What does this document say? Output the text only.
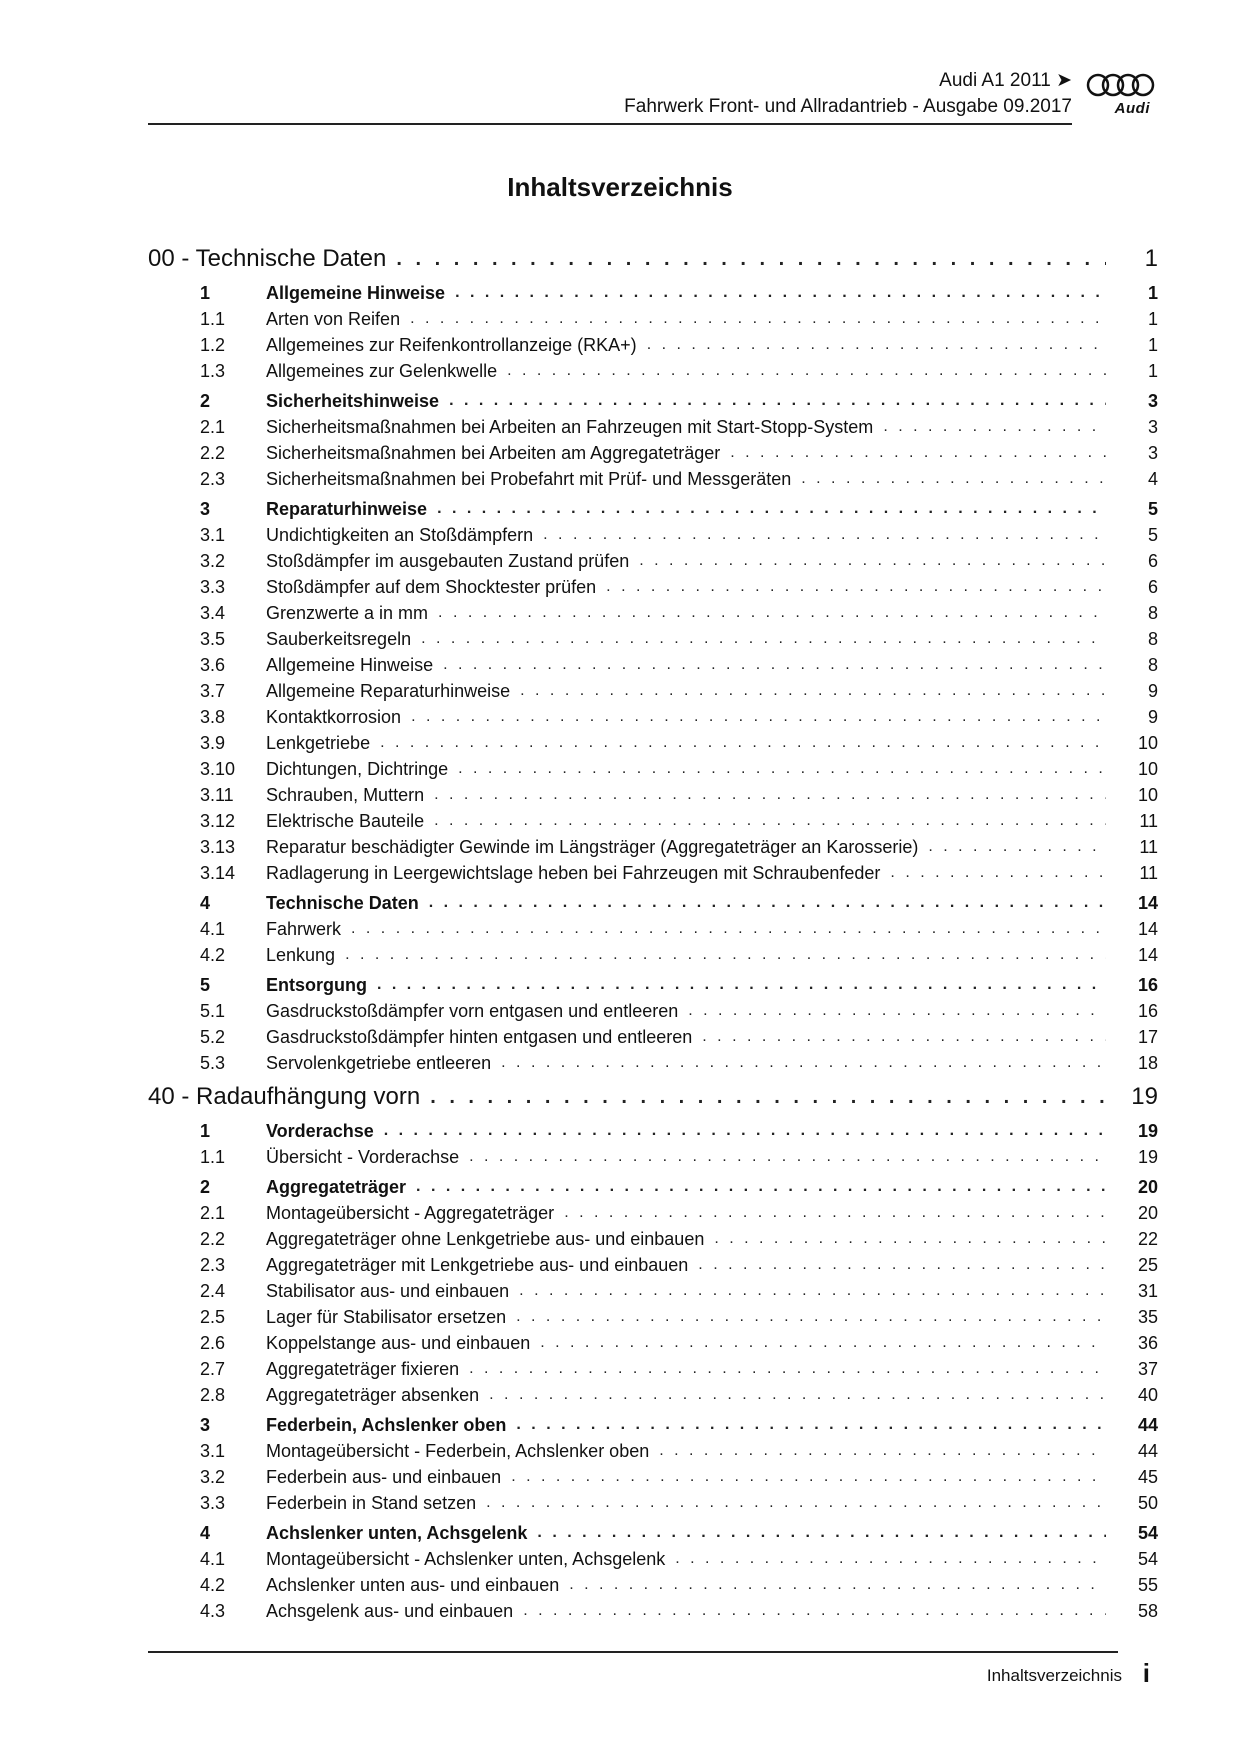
Audi A1 2011 ➤
Fahrwerk Front- und Allradantrieb - Ausgabe 09.2017	Audi
Inhaltsverzeichnis
00 - Technische Daten . . .	1
1	Allgemeine Hinweise . . .	1
1.1 Arten von Reifen . . .	1
1.2 Allgemeines zur Reifenkontrollanzeige (RKA+) . . .	1
1.3 Allgemeines zur Gelenkwelle . . .	1
2	Sicherheitshinweise . . .	3
2.1 Sicherheitsmaßnahmen bei Arbeiten an Fahrzeugen mit Start-Stopp-System . . .	3
2.2 Sicherheitsmaßnahmen bei Arbeiten am Aggregateträger . . .	3
2.3 Sicherheitsmaßnahmen bei Probefahrt mit Prüf- und Messgeräten . . .	4
3	Reparaturhinweise . . .	5
3.1 Undichtigkeiten an Stoßdämpfern . . .	5
3.2 Stoßdämpfer im ausgebauten Zustand prüfen . . .	6
3.3 Stoßdämpfer auf dem Shocktester prüfen . . .	6
3.4 Grenzwerte a in mm . . .	8
3.5 Sauberkeitsregeln . . .	8
3.6 Allgemeine Hinweise . . .	8
3.7 Allgemeine Reparaturhinweise . . .	9
3.8 Kontaktkorrosion . . .	9
3.9 Lenkgetriebe . . .	10
3.10 Dichtungen, Dichtringe . . .	10
3.11 Schrauben, Muttern . . .	10
3.12 Elektrische Bauteile . . .	11
3.13 Reparatur beschädigter Gewinde im Längsträger (Aggregateträger an Karosserie) . . .	11
3.14 Radlagerung in Leergewichtslage heben bei Fahrzeugen mit Schraubenfeder . . .	11
4	Technische Daten . . .	14
4.1 Fahrwerk . . .	14
4.2 Lenkung . . .	14
5	Entsorgung . . .	16
5.1 Gasdruckstoßdämpfer vorn entgasen und entleeren . . .	16
5.2 Gasdruckstoßdämpfer hinten entgasen und entleeren . . .	17
5.3 Servolenkgetriebe entleeren . . .	18
40 - Radaufhängung vorn . . .	19
1	Vorderachse . . .	19
1.1 Übersicht - Vorderachse . . .	19
2	Aggregateträger . . .	20
2.1 Montageübersicht - Aggregateträger . . .	20
2.2 Aggregateträger ohne Lenkgetriebe aus- und einbauen . . .	22
2.3 Aggregateträger mit Lenkgetriebe aus- und einbauen . . .	25
2.4 Stabilisator aus- und einbauen . . .	31
2.5 Lager für Stabilisator ersetzen . . .	35
2.6 Koppelstange aus- und einbauen . . .	36
2.7 Aggregateträger fixieren . . .	37
2.8 Aggregateträger absenken . . .	40
3	Federbein, Achslenker oben . . .	44
3.1 Montageübersicht - Federbein, Achslenker oben . . .	44
3.2 Federbein aus- und einbauen . . .	45
3.3 Federbein in Stand setzen . . .	50
4	Achslenker unten, Achsgelenk . . .	54
4.1 Montageübersicht - Achslenker unten, Achsgelenk . . .	54
4.2 Achslenker unten aus- und einbauen . . .	55
4.3 Achsgelenk aus- und einbauen . . .	58
Inhaltsverzeichnis i
